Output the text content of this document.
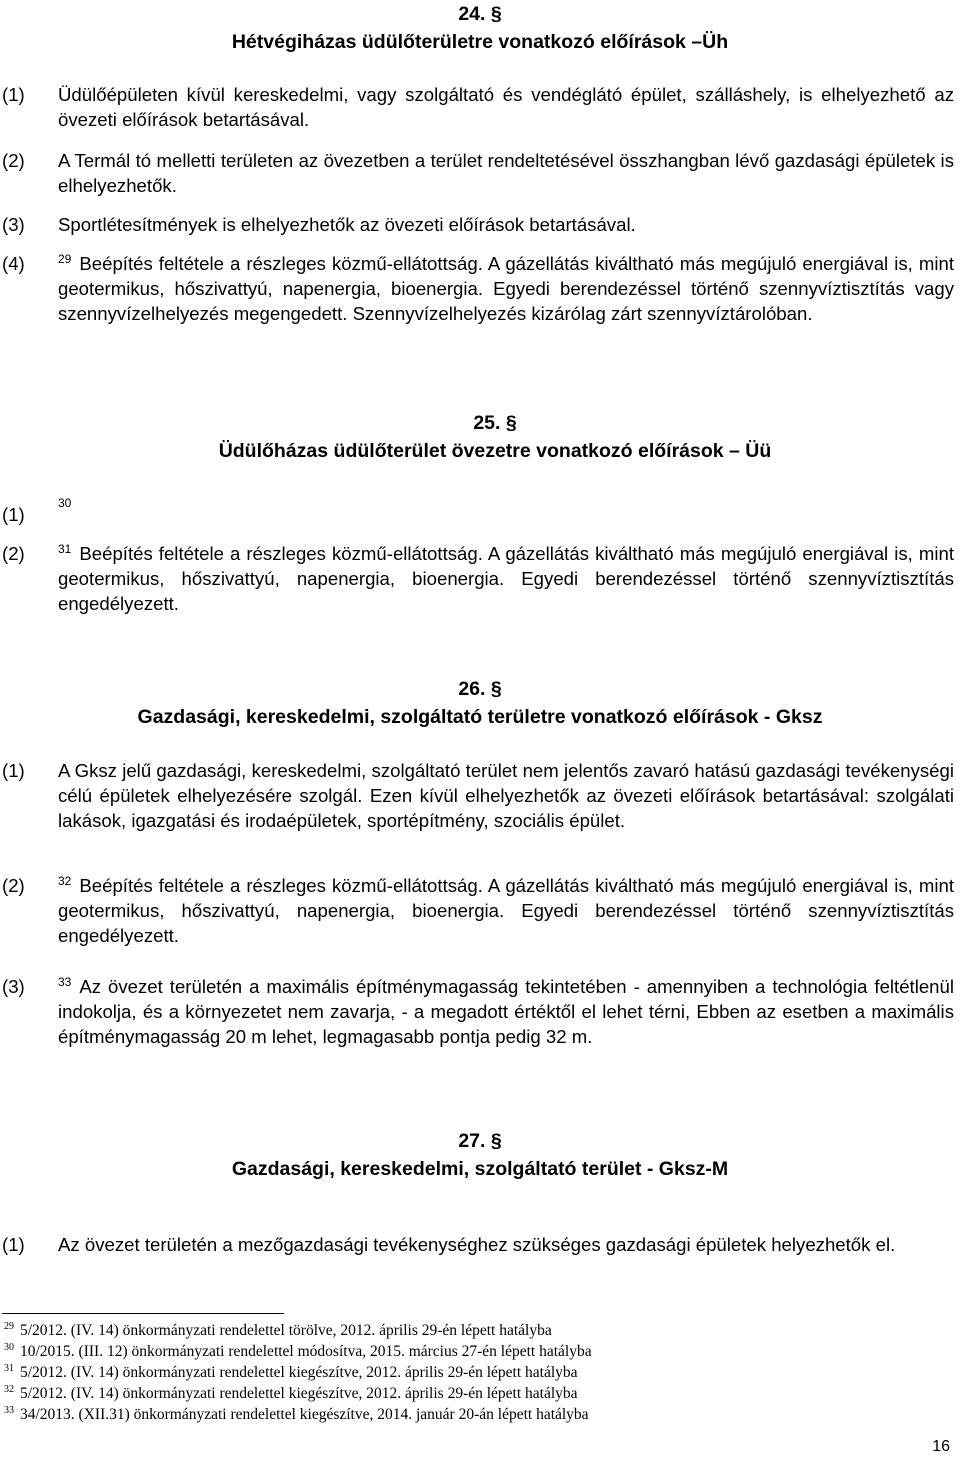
24. §
Hétvégiházas üdülőterületre vonatkozó előírások –Üh
(1) Üdülőépületen kívül kereskedelmi, vagy szolgáltató és vendéglátó épület, szálláshely, is elhelyezhető az övezeti előírások betartásával.
(2) A Termál tó melletti területen az övezetben a terület rendeltetésével összhangban lévő gazdasági épületek is elhelyezhetők.
(3) Sportlétesítmények is elhelyezhetők az övezeti előírások betartásával.
(4)	$^{29}$ Beépítés feltétele a részleges közmű-ellátottság. A gázellátás kiváltható más megújuló energiával is, mint geotermikus, hőszivattyú, napenergia, bioenergia. Egyedi berendezéssel történő szennyvíztisztítás vagy szennyvízelhelyezés megengedett. Szennyvízelhelyezés kizárólag zárt szennyvíztárolóban.
25. §
Üdülőházas üdülőterület övezetre vonatkozó előírások – Üü
(1)
$^{30}$
(2)	$^{31}$ Beépítés feltétele a részleges közmű-ellátottság. A gázellátás kiváltható más megújuló energiával is, mint geotermikus, hőszivattyú, napenergia, bioenergia. Egyedi berendezéssel történő szennyvíztisztítás engedélyezett.
26. §
Gazdasági, kereskedelmi, szolgáltató területre vonatkozó előírások - Gksz
(1) A Gksz jelű gazdasági, kereskedelmi, szolgáltató terület nem jelentős zavaró hatású gazdasági tevékenységi célú épületek elhelyezésére szolgál. Ezen kívül elhelyezhetők az övezeti előírások betartásával: szolgálati lakások, igazgatási és irodaépületek, sportépítmény, szociális épület.
(2)	$^{32}$ Beépítés feltétele a részleges közmű-ellátottság. A gázellátás kiváltható más megújuló energiával is, mint geotermikus, hőszivattyú, napenergia, bioenergia. Egyedi berendezéssel történő szennyvíztisztítás engedélyezett.
(3)	$^{33}$ Az övezet területén a maximális építménymagasság tekintetében - amennyiben a technológia feltétlenül indokolja, és a környezetet nem zavarja, - a megadott értéktől el lehet térni, Ebben az esetben a maximális építménymagasság 20 m lehet, legmagasabb pontja pedig 32 m.
27. §
Gazdasági, kereskedelmi, szolgáltató terület - Gksz-M
(1) Az övezet területén a mezőgazdasági tevékenységhez szükséges gazdasági épületek helyezhetők el.
$^{29}$ 5/2012. (IV. 14) önkormányzati rendelettel törölve, 2012. április 29-én lépett hatályba
$^{30}$ 10/2015. (III. 12) önkormányzati rendelettel módosítva, 2015. március 27-én lépett hatályba
$^{31}$ 5/2012. (IV. 14) önkormányzati rendelettel kiegészítve, 2012. április 29-én lépett hatályba
$^{32}$ 5/2012. (IV. 14) önkormányzati rendelettel kiegészítve, 2012. április 29-én lépett hatályba
$^{33}$ 34/2013. (XII.31) önkormányzati rendelettel kiegészítve, 2014. január 20-án lépett hatályba
16
